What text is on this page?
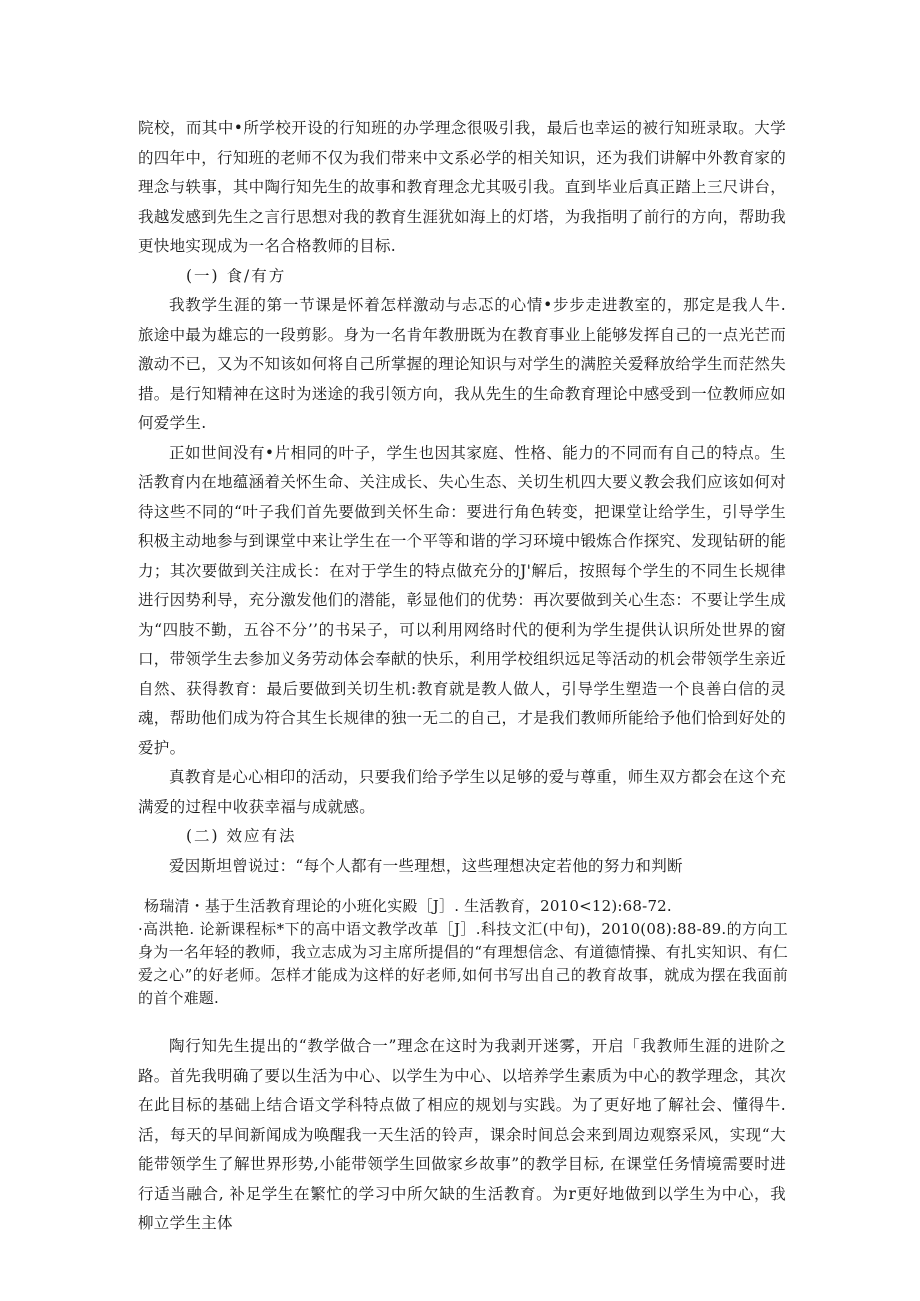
院校，而其中•所学校开设的行知班的办学理念很吸引我，最后也幸运的被行知班录取。大学的四年中，行知班的老师不仅为我们带来中文系必学的相关知识，还为我们讲解中外教育家的理念与轶事，其中陶行知先生的故事和教育理念尤其吸引我。直到毕业后真正踏上三尺讲台，我越发感到先生之言行思想对我的教育生涯犹如海上的灯塔，为我指明了前行的方向，帮助我更快地实现成为一名合格教师的目标.

(一) 食/有方

我教学生涯的第一节课是怀着怎样激动与忐忑的心情•步步走进教室的，那定是我人牛. 旅途中最为雄忘的一段剪影。身为一名肯年教册既为在教育事业上能够发挥自己的一点光芒而激动不已，又为不知该如何将自己所掌握的理论知识与对学生的满腔关爱释放给学生而茫然失措。是行知精神在这时为迷途的我引领方向，我从先生的生命教育理论中感受到一位教师应如何爱学生.

正如世间没有•片相同的叶子，学生也因其家庭、性格、能力的不同而有自己的特点。生活教育内在地蕴涵着关怀生命、关注成长、失心生态、关切生机四大要义教会我们应该如何对待这些不同的“叶子我们首先要做到关怀生命：要进行角色转变，把课堂让给学生，引导学生积极主动地参与到课堂中来让学生在一个平等和谐的学习环境中锻炼合作探究、发现钻研的能力；其次要做到关注成长：在对于学生的特点做充分的J'解后，按照每个学生的不同生长规律进行因势利导，充分激发他们的潜能，彰显他们的优势：再次要做到关心生态：不要让学生成为“四肢不勤，五谷不分’’的书呆子，可以利用网络时代的便利为学生提供认识所处世界的窗口，带领学生去参加义务劳动体会奉献的快乐，利用学校组织远足等活动的机会带领学生亲近自然、获得教育：最后要做到关切生机:教育就是教人做人，引导学生塑造一个良善白信的灵魂，帮助他们成为符合其生长规律的独一无二的自己，才是我们教师所能给予他们恰到好处的爱护。

真教育是心心相印的活动，只要我们给予学生以足够的爱与尊重，师生双方都会在这个充满爱的过程中收获幸福与成就感。

(二) 效应有法

爱因斯坦曾说过：“每个人都有一些理想，这些理想决定若他的努力和判断

杨瑞清・基于生活教育理论的小班化实殿［J］. 生活教育，2010<12):68-72.

·高洪艳. 论新课程标*下的高中语文教学改革［J］.科技文汇(中旬)，2010(08):88-89.的方向工身为一名年轻的教师，我立志成为习主席所提倡的“有理想信念、有道德情操、有扎实知识、有仁爱之心”的好老师。怎样才能成为这样的好老师,如何书写出自己的教育故事，就成为摆在我面前的首个难题.

陶行知先生提出的“教学做合一”理念在这时为我剥开迷雾，开启「我教师生涯的进阶之路。首先我明确了要以生活为中心、以学生为中心、以培养学生素质为中心的教学理念，其次在此目标的基础上结合语文学科特点做了相应的规划与实践。为了更好地了解社会、懂得牛. 活，每天的早间新闻成为唤醒我一天生活的铃声，课余时间总会来到周边观察采风，实现“大能带领学生了解世界形势,小能带领学生回做家乡故事”的教学目标, 在课堂任务情境需要时进行适当融合, 补足学生在繁忙的学习中所欠缺的生活教育。为r更好地做到以学生为中心，我柳立学生主体
